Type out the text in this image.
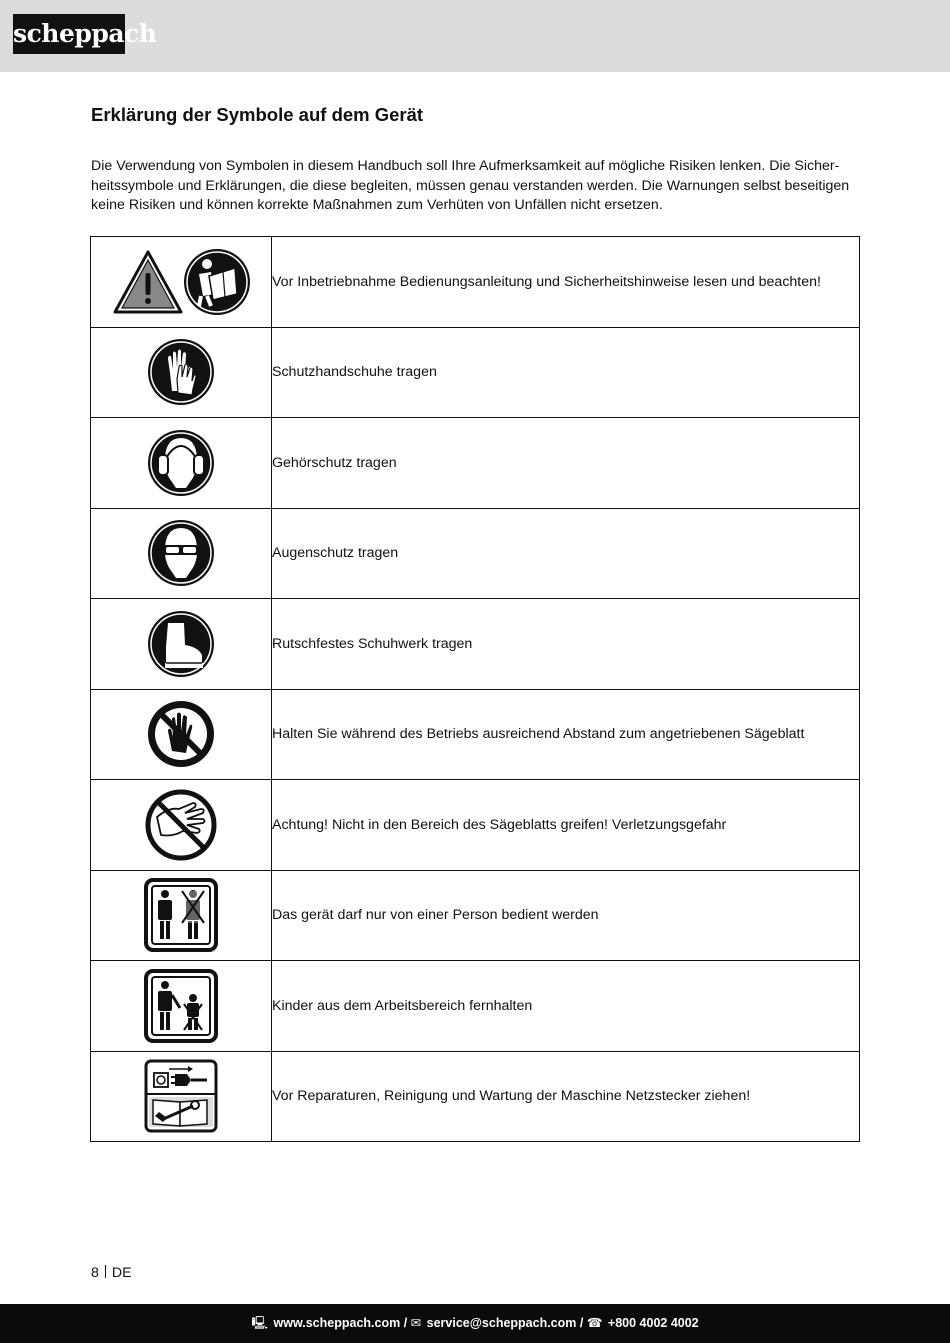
scheppach
Erklärung der Symbole auf dem Gerät

Die Verwendung von Symbolen in diesem Handbuch soll Ihre Aufmerksamkeit auf mögliche Risiken lenken. Die Sicherheitssymbole und Erklärungen, die diese begleiten, müssen genau verstanden werden. Die Warnungen selbst beseitigen keine Risiken und können korrekte Maßnahmen zum Verhüten von Unfällen nicht ersetzen.

	Vor Inbetriebnahme Bedienungsanleitung und Sicherheitshinweise lesen und beachten!

	Schutzhandschuhe tragen

	Gehörschutz tragen

	Augenschutz tragen

	Rutschfestes Schuhwerk tragen

	Halten Sie während des Betriebs ausreichend Abstand zum angetriebenen Sägeblatt

	Achtung! Nicht in den Bereich des Sägeblatts greifen! Verletzungsgefahr

	Das gerät darf nur von einer Person bedient werden

	Kinder aus dem Arbeitsbereich fernhalten

	Vor Reparaturen, Reinigung und Wartung der Maschine Netzstecker ziehen!
8 DE
🖳 www.scheppach.com / ✉ service@scheppach.com / ☎ +800 4002 4002
